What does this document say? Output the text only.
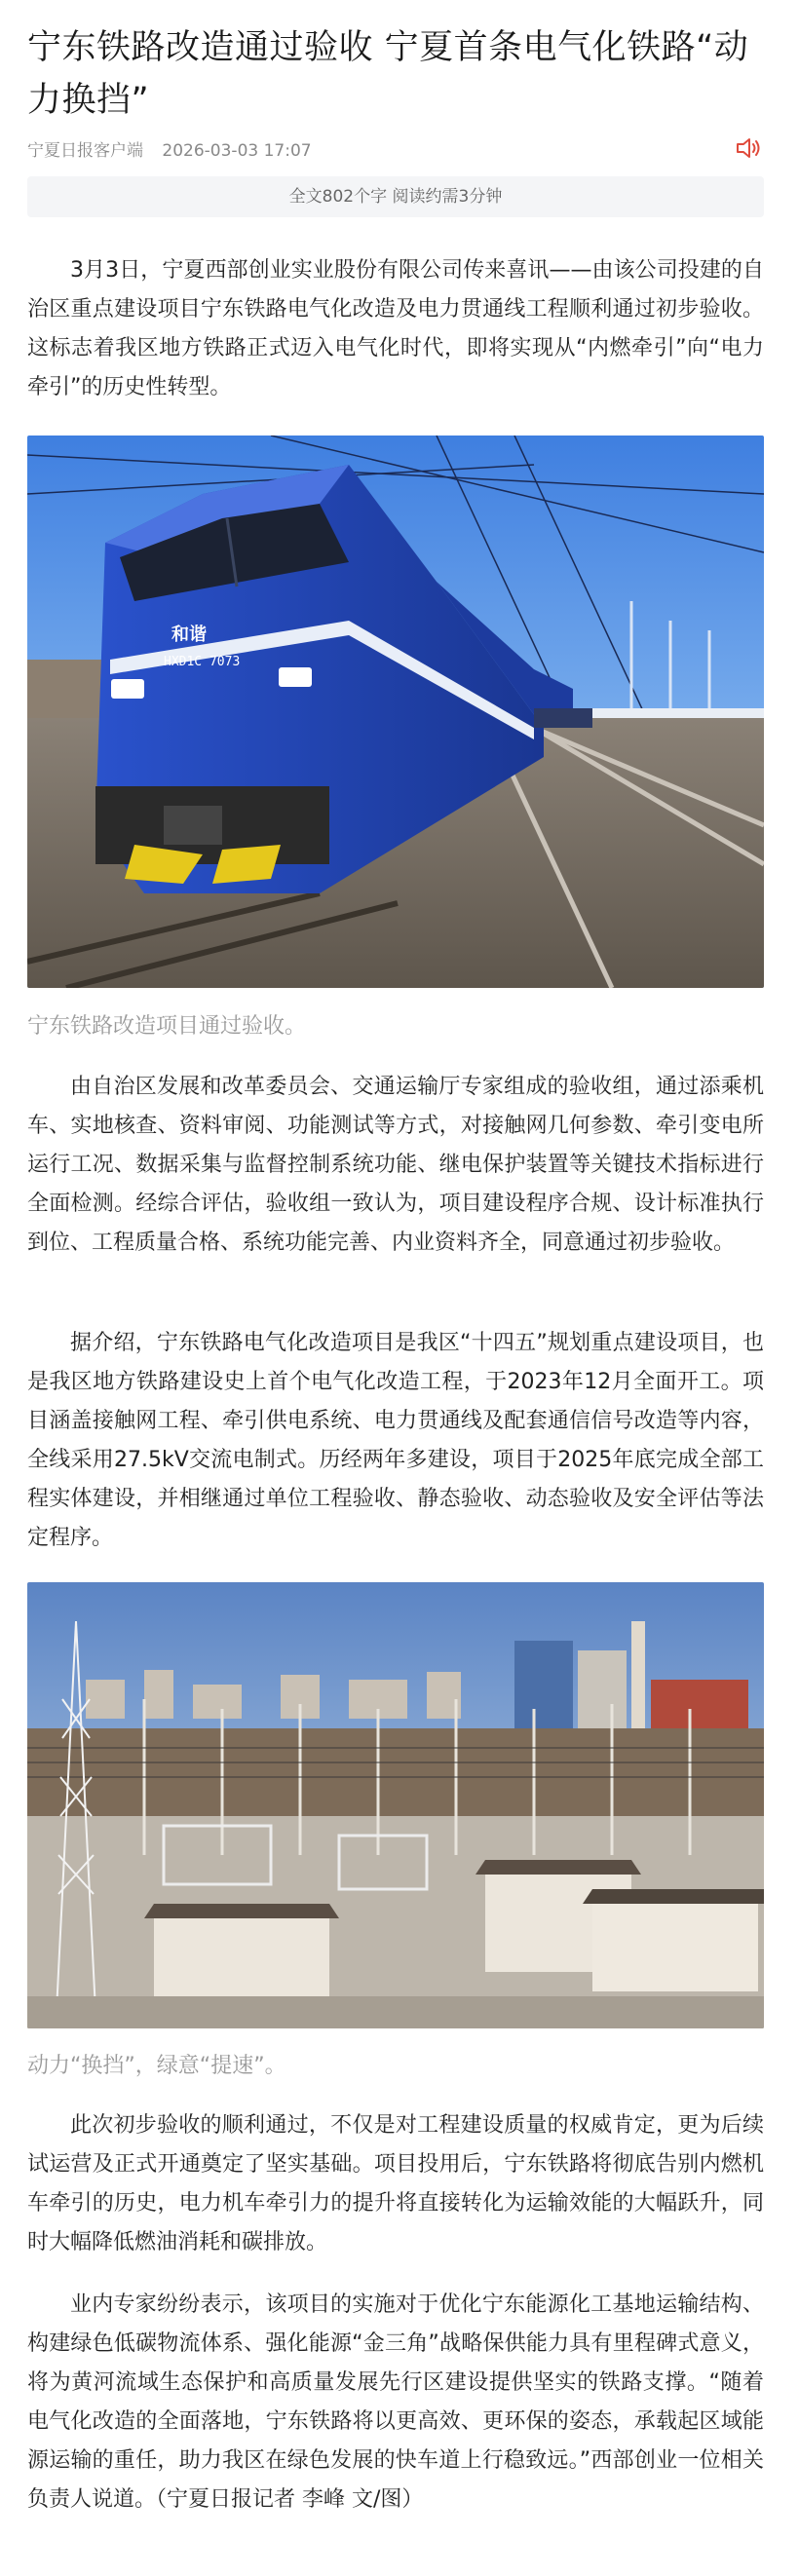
宁东铁路改造通过验收 宁夏首条电气化铁路“动力换挡”
宁夏日报客户端 2026-03-03 17:07
全文802个字 阅读约需3分钟

3月3日，宁夏西部创业实业股份有限公司传来喜讯——由该公司投建的自治区重点建设项目宁东铁路电气化改造及电力贯通线工程顺利通过初步验收。这标志着我区地方铁路正式迈入电气化时代，即将实现从“内燃牵引”向“电力牵引”的历史性转型。

和谐
HXD1C 7073
宁东铁路改造项目通过验收。

由自治区发展和改革委员会、交通运输厅专家组成的验收组，通过添乘机车、实地核查、资料审阅、功能测试等方式，对接触网几何参数、牵引变电所运行工况、数据采集与监督控制系统功能、继电保护装置等关键技术指标进行全面检测。经综合评估，验收组一致认为，项目建设程序合规、设计标准执行到位、工程质量合格、系统功能完善、内业资料齐全，同意通过初步验收。

据介绍，宁东铁路电气化改造项目是我区“十四五”规划重点建设项目，也是我区地方铁路建设史上首个电气化改造工程，于2023年12月全面开工。项目涵盖接触网工程、牵引供电系统、电力贯通线及配套通信信号改造等内容，全线采用27.5kV交流电制式。历经两年多建设，项目于2025年底完成全部工程实体建设，并相继通过单位工程验收、静态验收、动态验收及安全评估等法定程序。

动力“换挡”，绿意“提速”。

此次初步验收的顺利通过，不仅是对工程建设质量的权威肯定，更为后续试运营及正式开通奠定了坚实基础。项目投用后，宁东铁路将彻底告别内燃机车牵引的历史，电力机车牵引力的提升将直接转化为运输效能的大幅跃升，同时大幅降低燃油消耗和碳排放。

业内专家纷纷表示，该项目的实施对于优化宁东能源化工基地运输结构、构建绿色低碳物流体系、强化能源“金三角”战略保供能力具有里程碑式意义，将为黄河流域生态保护和高质量发展先行区建设提供坚实的铁路支撑。“随着电气化改造的全面落地，宁东铁路将以更高效、更环保的姿态，承载起区域能源运输的重任，助力我区在绿色发展的快车道上行稳致远。”西部创业一位相关负责人说道。（宁夏日报记者 李峰 文/图）
